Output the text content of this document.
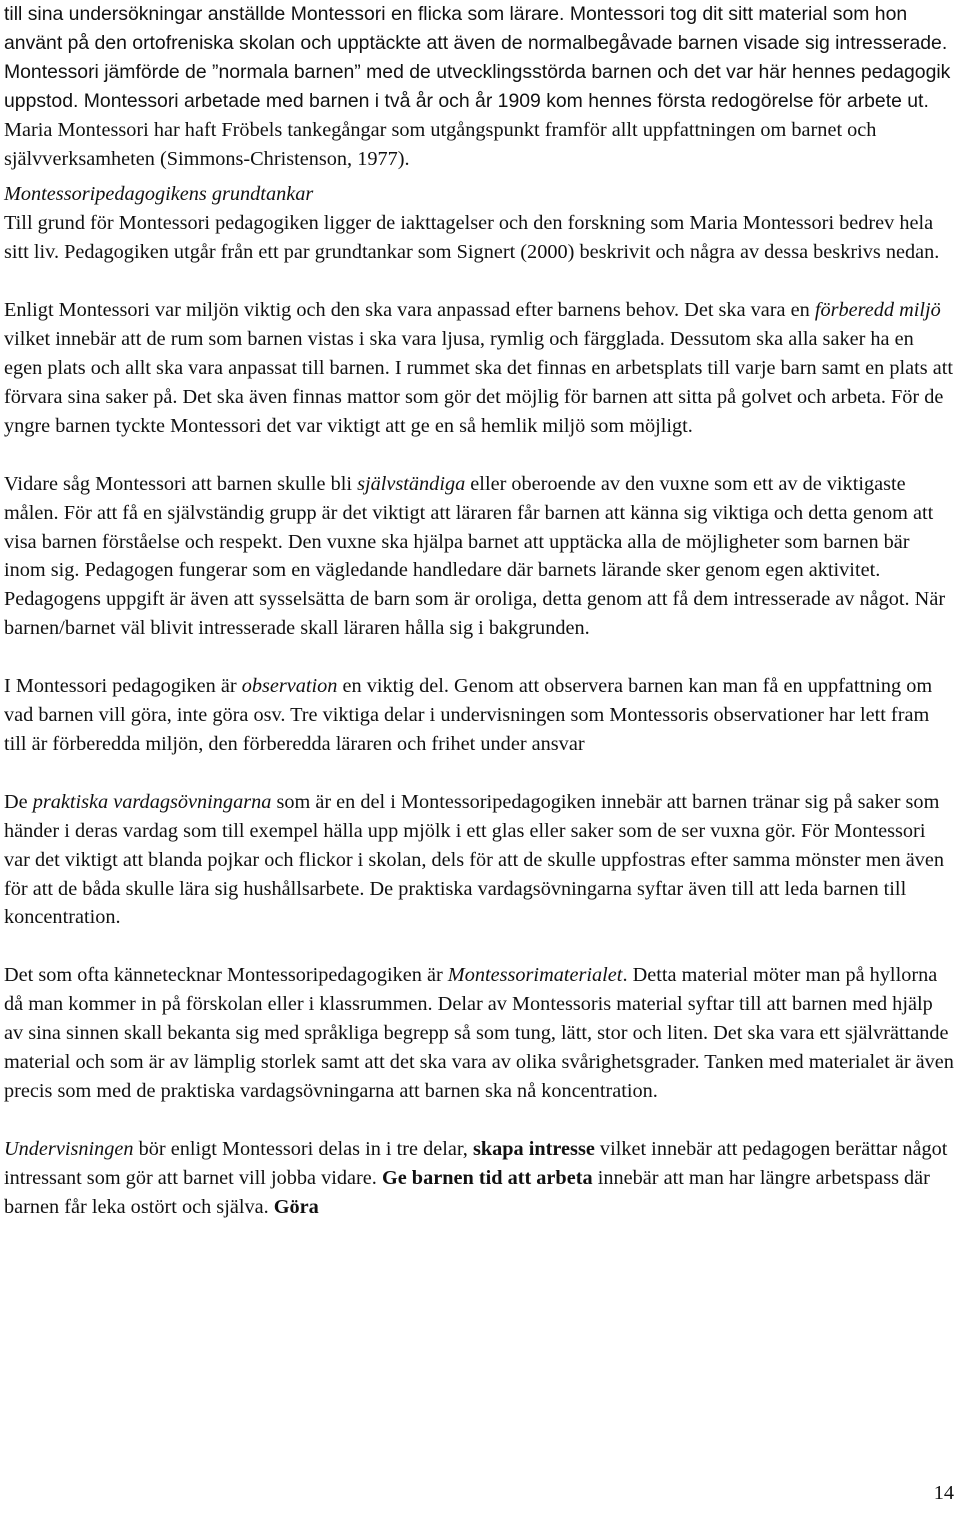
till sina undersökningar anställde Montessori en flicka som lärare. Montessori tog dit sitt material som hon använt på den ortofreniska skolan och upptäckte att även de normalbegåvade barnen visade sig intresserade. Montessori jämförde de ”normala barnen” med de utvecklingsstörda barnen och det var här hennes pedagogik uppstod. Montessori arbetade med barnen i två år och år 1909 kom hennes första redogörelse för arbete ut. Maria Montessori har haft Fröbels tankegångar som utgångspunkt framför allt uppfattningen om barnet och självverksamheten (Simmons-Christenson, 1977).

Montessoripedagogikens grundtankar

Till grund för Montessori pedagogiken ligger de iakttagelser och den forskning som Maria Montessori bedrev hela sitt liv. Pedagogiken utgår från ett par grundtankar som Signert (2000) beskrivit och några av dessa beskrivs nedan.

Enligt Montessori var miljön viktig och den ska vara anpassad efter barnens behov. Det ska vara en förberedd miljö vilket innebär att de rum som barnen vistas i ska vara ljusa, rymlig och färgglada. Dessutom ska alla saker ha en egen plats och allt ska vara anpassat till barnen. I rummet ska det finnas en arbetsplats till varje barn samt en plats att förvara sina saker på. Det ska även finnas mattor som gör det möjlig för barnen att sitta på golvet och arbeta. För de yngre barnen tyckte Montessori det var viktigt att ge en så hemlik miljö som möjligt.

Vidare såg Montessori att barnen skulle bli självständiga eller oberoende av den vuxne som ett av de viktigaste målen. För att få en självständig grupp är det viktigt att läraren får barnen att känna sig viktiga och detta genom att visa barnen förståelse och respekt. Den vuxne ska hjälpa barnet att upptäcka alla de möjligheter som barnen bär inom sig. Pedagogen fungerar som en vägledande handledare där barnets lärande sker genom egen aktivitet. Pedagogens uppgift är även att sysselsätta de barn som är oroliga, detta genom att få dem intresserade av något. När barnen/barnet väl blivit intresserade skall läraren hålla sig i bakgrunden.

I Montessori pedagogiken är observation en viktig del. Genom att observera barnen kan man få en uppfattning om vad barnen vill göra, inte göra osv. Tre viktiga delar i undervisningen som Montessoris observationer har lett fram till är förberedda miljön, den förberedda läraren och frihet under ansvar

De praktiska vardagsövningarna som är en del i Montessoripedagogiken innebär att barnen tränar sig på saker som händer i deras vardag som till exempel hälla upp mjölk i ett glas eller saker som de ser vuxna gör. För Montessori var det viktigt att blanda pojkar och flickor i skolan, dels för att de skulle uppfostras efter samma mönster men även för att de båda skulle lära sig hushållsarbete. De praktiska vardagsövningarna syftar även till att leda barnen till koncentration.

Det som ofta kännetecknar Montessoripedagogiken är Montessorimaterialet. Detta material möter man på hyllorna då man kommer in på förskolan eller i klassrummen. Delar av Montessoris material syftar till att barnen med hjälp av sina sinnen skall bekanta sig med språkliga begrepp så som tung, lätt, stor och liten. Det ska vara ett självrättande material och som är av lämplig storlek samt att det ska vara av olika svårighetsgrader. Tanken med materialet är även precis som med de praktiska vardagsövningarna att barnen ska nå koncentration.

Undervisningen bör enligt Montessori delas in i tre delar, skapa intresse vilket innebär att pedagogen berättar något intressant som gör att barnet vill jobba vidare. Ge barnen tid att arbeta innebär att man har längre arbetspass där barnen får leka ostört och själva. Göra

14
